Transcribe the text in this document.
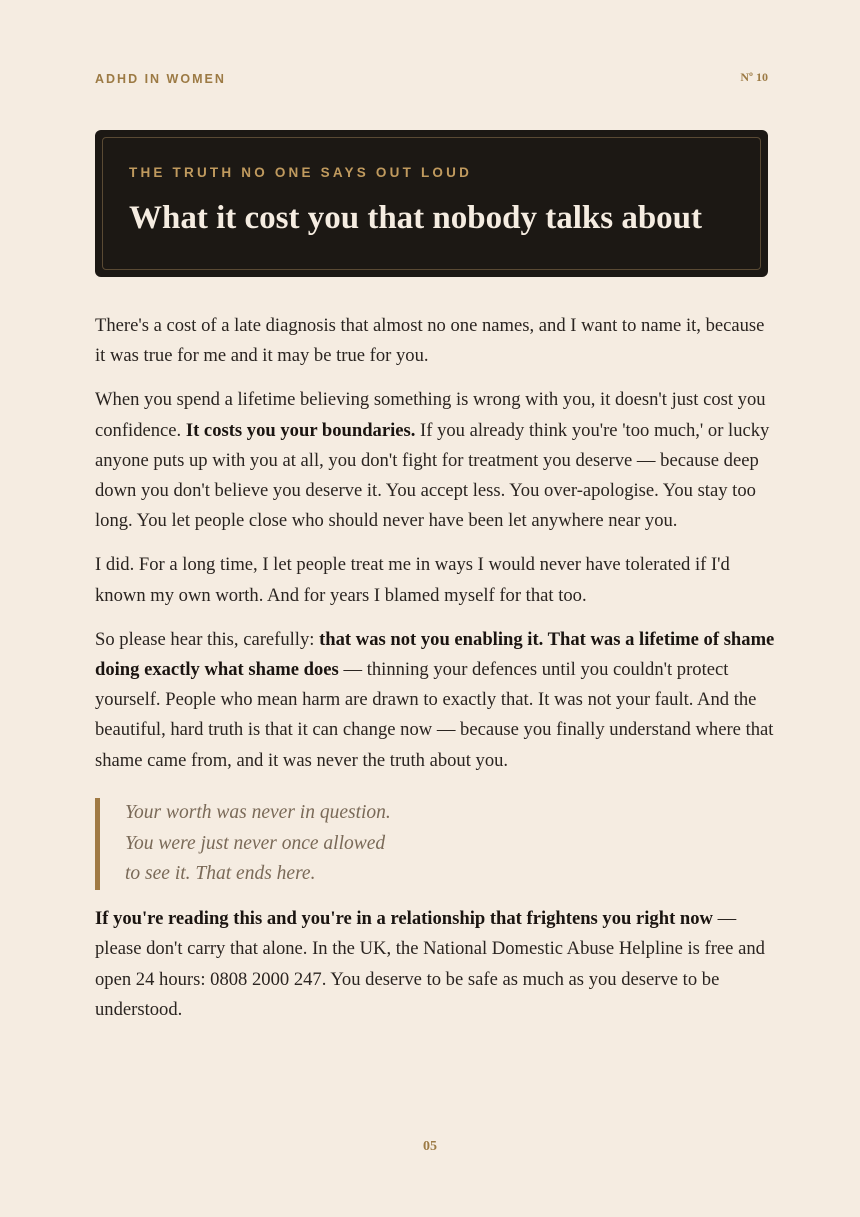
ADHD IN WOMEN	Nº 10
THE TRUTH NO ONE SAYS OUT LOUD
What it cost you that nobody talks about

There's a cost of a late diagnosis that almost no one names, and I want to name it, because it was true for me and it may be true for you.

When you spend a lifetime believing something is wrong with you, it doesn't just cost you confidence. It costs you your boundaries. If you already think you're 'too much,' or lucky anyone puts up with you at all, you don't fight for treatment you deserve — because deep down you don't believe you deserve it. You accept less. You over-apologise. You stay too long. You let people close who should never have been let anywhere near you.

I did. For a long time, I let people treat me in ways I would never have tolerated if I'd known my own worth. And for years I blamed myself for that too.

So please hear this, carefully: that was not you enabling it. That was a lifetime of shame doing exactly what shame does — thinning your defences until you couldn't protect yourself. People who mean harm are drawn to exactly that. It was not your fault. And the beautiful, hard truth is that it can change now — because you finally understand where that shame came from, and it was never the truth about you.

Your worth was never in question.
You were just never once allowed
to see it. That ends here.

If you're reading this and you're in a relationship that frightens you right now — please don't carry that alone. In the UK, the National Domestic Abuse Helpline is free and open 24 hours: 0808 2000 247. You deserve to be safe as much as you deserve to be understood.

05
